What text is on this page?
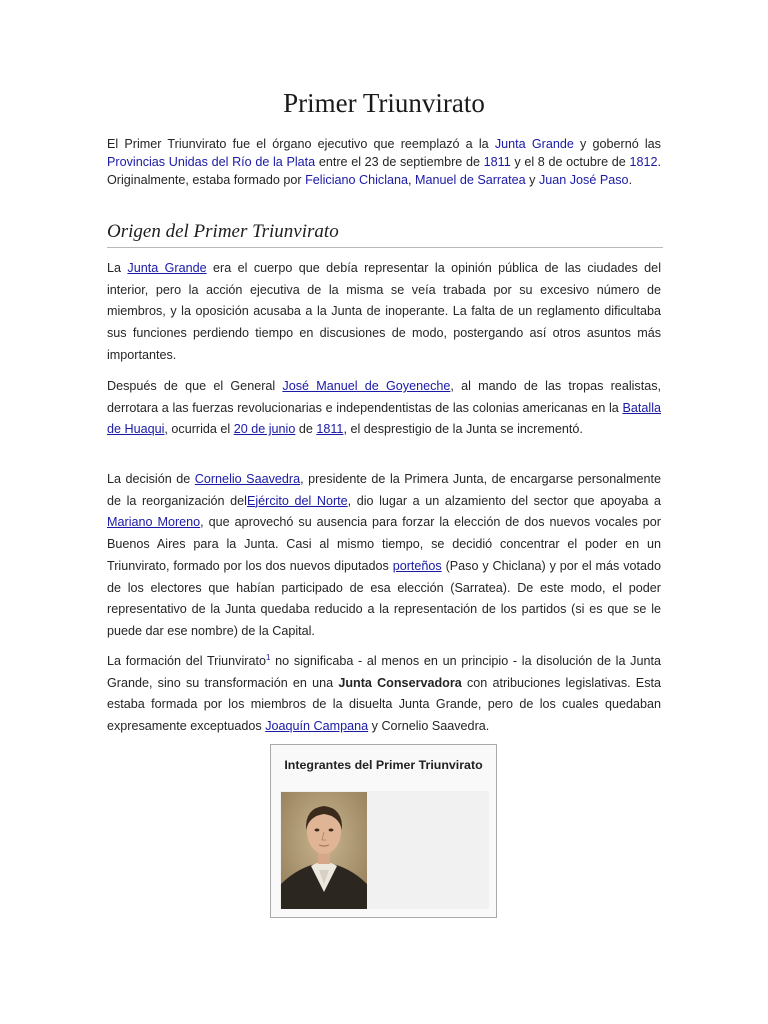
Primer Triunvirato

El Primer Triunvirato fue el órgano ejecutivo que reemplazó a la Junta Grande y gobernó las Provincias Unidas del Río de la Plata entre el 23 de septiembre de 1811 y el 8 de octubre de 1812. Originalmente, estaba formado por Feliciano Chiclana, Manuel de Sarratea y Juan José Paso.

Origen del Primer Triunvirato

La Junta Grande era el cuerpo que debía representar la opinión pública de las ciudades del interior, pero la acción ejecutiva de la misma se veía trabada por su excesivo número de miembros, y la oposición acusaba a la Junta de inoperante. La falta de un reglamento dificultaba sus funciones perdiendo tiempo en discusiones de modo, postergando así otros asuntos más importantes.

Después de que el General José Manuel de Goyeneche, al mando de las tropas realistas, derrotara a las fuerzas revolucionarias e independentistas de las colonias americanas en la Batalla de Huaqui, ocurrida el 20 de junio de 1811, el desprestigio de la Junta se incrementó.

La decisión de Cornelio Saavedra, presidente de la Primera Junta, de encargarse personalmente de la reorganización delEjército del Norte, dio lugar a un alzamiento del sector que apoyaba a Mariano Moreno, que aprovechó su ausencia para forzar la elección de dos nuevos vocales por Buenos Aires para la Junta. Casi al mismo tiempo, se decidió concentrar el poder en un Triunvirato, formado por los dos nuevos diputados porteños (Paso y Chiclana) y por el más votado de los electores que habían participado de esa elección (Sarratea). De este modo, el poder representativo de la Junta quedaba reducido a la representación de los partidos (si es que se le puede dar ese nombre) de la Capital.

La formación del Triunvirato$^1$ no significaba - al menos en un principio - la disolución de la Junta Grande, sino su transformación en una Junta Conservadora con atribuciones legislativas. Esta estaba formada por los miembros de la disuelta Junta Grande, pero de los cuales quedaban expresamente exceptuados Joaquín Campana y Cornelio Saavedra.

Integrantes del Primer Triunvirato
